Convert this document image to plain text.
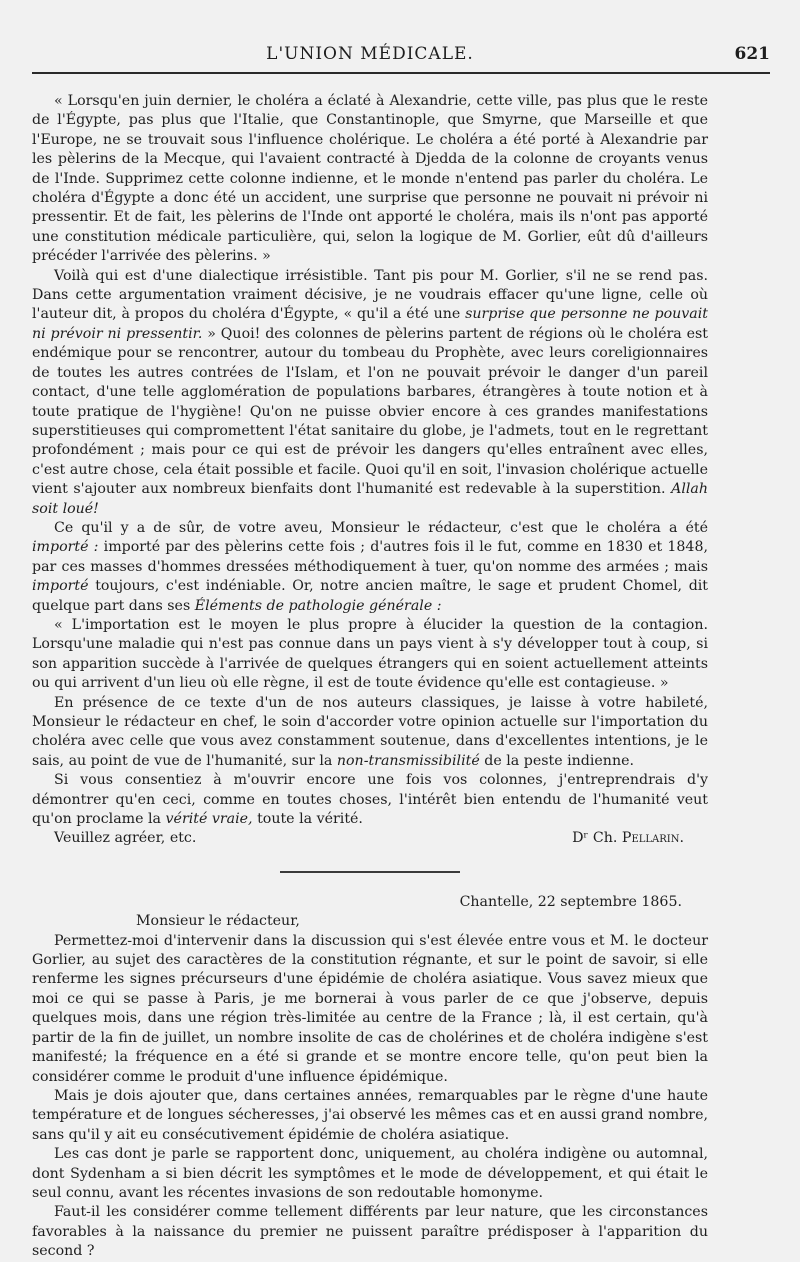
L'UNION MÉDICALE.	621

« Lorsqu'en juin dernier, le choléra a éclaté à Alexandrie, cette ville, pas plus que le reste de l'Égypte, pas plus que l'Italie, que Constantinople, que Smyrne, que Marseille et que l'Europe, ne se trouvait sous l'influence cholérique. Le choléra a été porté à Alexandrie par les pèlerins de la Mecque, qui l'avaient contracté à Djedda de la colonne de croyants venus de l'Inde. Supprimez cette colonne indienne, et le monde n'entend pas parler du choléra. Le choléra d'Égypte a donc été un accident, une surprise que personne ne pouvait ni prévoir ni pressentir. Et de fait, les pèlerins de l'Inde ont apporté le choléra, mais ils n'ont pas apporté une constitution médicale particulière, qui, selon la logique de M. Gorlier, eût dû d'ailleurs précéder l'arrivée des pèlerins. »

Voilà qui est d'une dialectique irrésistible. Tant pis pour M. Gorlier, s'il ne se rend pas. Dans cette argumentation vraiment décisive, je ne voudrais effacer qu'une ligne, celle où l'auteur dit, à propos du choléra d'Égypte, « qu'il a été une surprise que personne ne pouvait ni prévoir ni pressentir. » Quoi! des colonnes de pèlerins partent de régions où le choléra est endémique pour se rencontrer, autour du tombeau du Prophète, avec leurs coreligionnaires de toutes les autres contrées de l'Islam, et l'on ne pouvait prévoir le danger d'un pareil contact, d'une telle agglomération de populations barbares, étrangères à toute notion et à toute pratique de l'hygiène! Qu'on ne puisse obvier encore à ces grandes manifestations superstitieuses qui compromettent l'état sanitaire du globe, je l'admets, tout en le regrettant profondément ; mais pour ce qui est de prévoir les dangers qu'elles entraînent avec elles, c'est autre chose, cela était possible et facile. Quoi qu'il en soit, l'invasion cholérique actuelle vient s'ajouter aux nombreux bienfaits dont l'humanité est redevable à la superstition. Allah soit loué!

Ce qu'il y a de sûr, de votre aveu, Monsieur le rédacteur, c'est que le choléra a été importé : importé par des pèlerins cette fois ; d'autres fois il le fut, comme en 1830 et 1848, par ces masses d'hommes dressées méthodiquement à tuer, qu'on nomme des armées ; mais importé toujours, c'est indéniable. Or, notre ancien maître, le sage et prudent Chomel, dit quelque part dans ses Éléments de pathologie générale :

« L'importation est le moyen le plus propre à élucider la question de la contagion. Lorsqu'une maladie qui n'est pas connue dans un pays vient à s'y développer tout à coup, si son apparition succède à l'arrivée de quelques étrangers qui en soient actuellement atteints ou qui arrivent d'un lieu où elle règne, il est de toute évidence qu'elle est contagieuse. »

En présence de ce texte d'un de nos auteurs classiques, je laisse à votre habileté, Monsieur le rédacteur en chef, le soin d'accorder votre opinion actuelle sur l'importation du choléra avec celle que vous avez constamment soutenue, dans d'excellentes intentions, je le sais, au point de vue de l'humanité, sur la non-transmissibilité de la peste indienne.

Si vous consentiez à m'ouvrir encore une fois vos colonnes, j'entreprendrais d'y démontrer qu'en ceci, comme en toutes choses, l'intérêt bien entendu de l'humanité veut qu'on proclame la vérité vraie, toute la vérité.

Veuillez agréer, etc.	Dʳ Ch. Pellarin.

Chantelle, 22 septembre 1865.

Monsieur le rédacteur,

Permettez-moi d'intervenir dans la discussion qui s'est élevée entre vous et M. le docteur Gorlier, au sujet des caractères de la constitution régnante, et sur le point de savoir, si elle renferme les signes précurseurs d'une épidémie de choléra asiatique. Vous savez mieux que moi ce qui se passe à Paris, je me bornerai à vous parler de ce que j'observe, depuis quelques mois, dans une région très-limitée au centre de la France ; là, il est certain, qu'à partir de la fin de juillet, un nombre insolite de cas de cholérines et de choléra indigène s'est manifesté; la fréquence en a été si grande et se montre encore telle, qu'on peut bien la considérer comme le produit d'une influence épidémique.

Mais je dois ajouter que, dans certaines années, remarquables par le règne d'une haute température et de longues sécheresses, j'ai observé les mêmes cas et en aussi grand nombre, sans qu'il y ait eu consécutivement épidémie de choléra asiatique.

Les cas dont je parle se rapportent donc, uniquement, au choléra indigène ou automnal, dont Sydenham a si bien décrit les symptômes et le mode de développement, et qui était le seul connu, avant les récentes invasions de son redoutable homonyme.

Faut-il les considérer comme tellement différents par leur nature, que les circonstances favorables à la naissance du premier ne puissent paraître prédisposer à l'apparition du second ?
